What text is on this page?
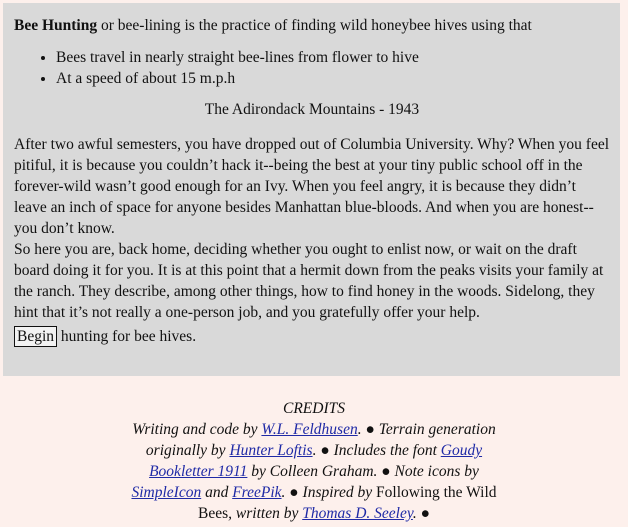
Bee Hunting or bee-lining is the practice of finding wild honeybee hives using that

• Bees travel in nearly straight bee-lines from flower to hive
• At a speed of about 15 m.p.h
The Adirondack Mountains - 1943

After two awful semesters, you have dropped out of Columbia University. Why? When you feel pitiful, it is because you couldn’t hack it--being the best at your tiny public school off in the forever-wild wasn’t good enough for an Ivy. When you feel angry, it is because they didn’t leave an inch of space for anyone besides Manhattan blue-bloods. And when you are honest--you don’t know.

So here you are, back home, deciding whether you ought to enlist now, or wait on the draft board doing it for you. It is at this point that a hermit down from the peaks visits your family at the ranch. They describe, among other things, how to find honey in the woods. Sidelong, they hint that it’s not really a one-person job, and you gratefully offer your help.

Begin hunting for bee hives.
CREDITS
Writing and code by W.L. Feldhusen. ● Terrain generation originally by Hunter Loftis. ● Includes the font Goudy Bookletter 1911 by Colleen Graham. ● Note icons by SimpleIcon and FreePik. ● Inspired by Following the Wild Bees, written by Thomas D. Seeley. ●
